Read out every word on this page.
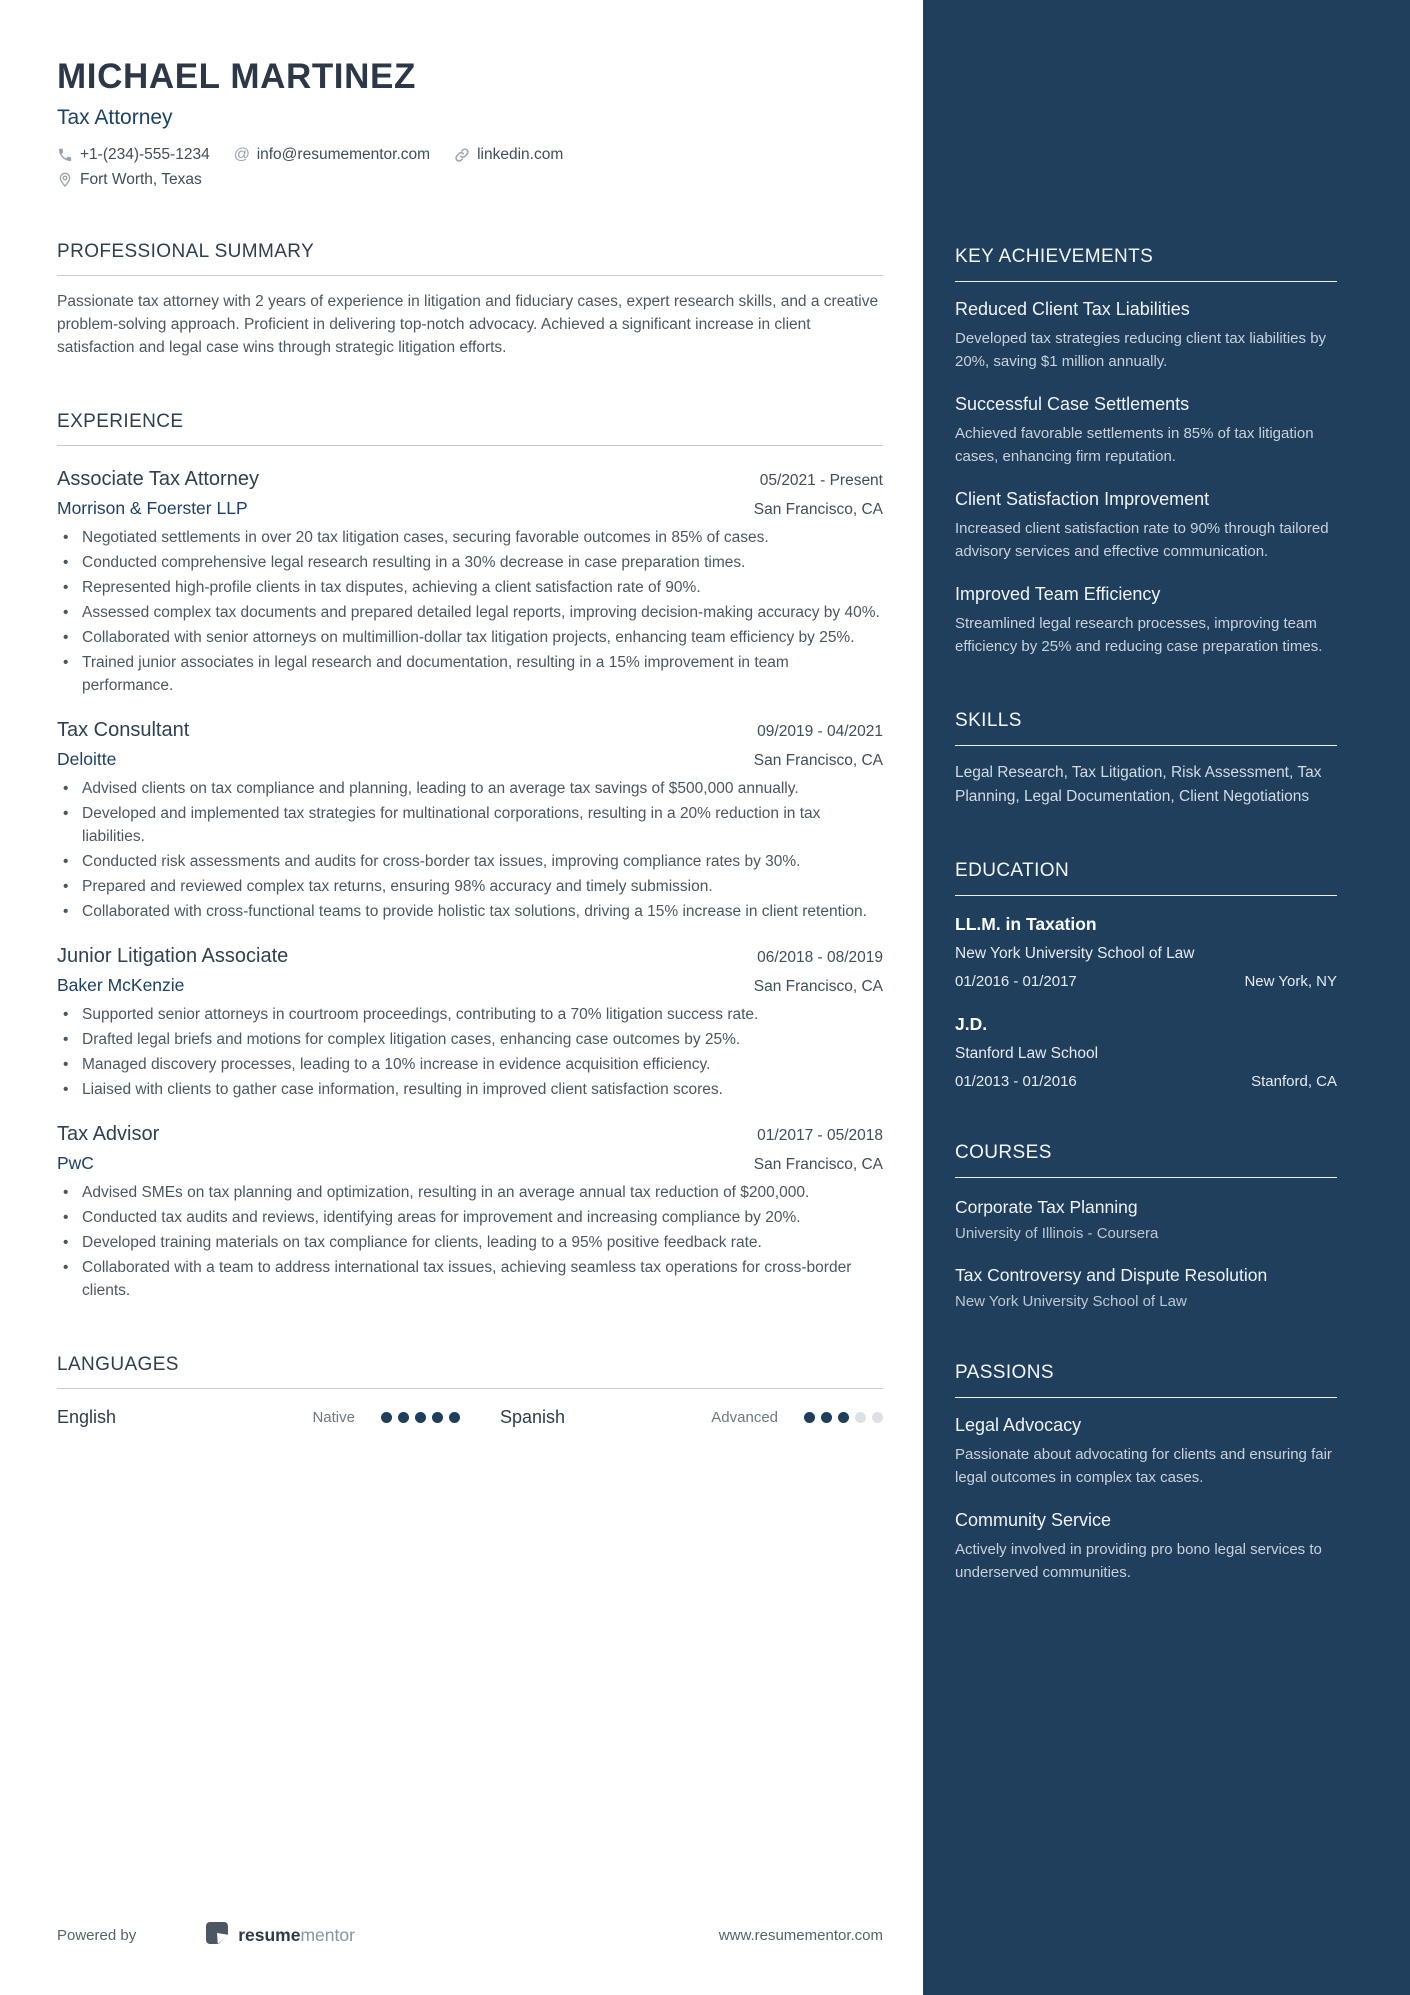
MICHAEL MARTINEZ
Tax Attorney
+1-(234)-555-1234 @ info@resumementor.com	linkedin.com
Fort Worth, Texas
PROFESSIONAL SUMMARY

Passionate tax attorney with 2 years of experience in litigation and fiduciary cases, expert research skills, and a creative problem-solving approach. Proficient in delivering top-notch advocacy. Achieved a significant increase in client satisfaction and legal case wins through strategic litigation efforts.

EXPERIENCE
Associate Tax Attorney	05/2021 - Present
Morrison & Foerster LLP	San Francisco, CA
• Negotiated settlements in over 20 tax litigation cases, securing favorable outcomes in 85% of cases.
• Conducted comprehensive legal research resulting in a 30% decrease in case preparation times.
• Represented high-profile clients in tax disputes, achieving a client satisfaction rate of 90%.
• Assessed complex tax documents and prepared detailed legal reports, improving decision-making accuracy by 40%.
• Collaborated with senior attorneys on multimillion-dollar tax litigation projects, enhancing team efficiency by 25%.
• Trained junior associates in legal research and documentation, resulting in a 15% improvement in team performance.
Tax Consultant	09/2019 - 04/2021
Deloitte	San Francisco, CA
• Advised clients on tax compliance and planning, leading to an average tax savings of $500,000 annually.
• Developed and implemented tax strategies for multinational corporations, resulting in a 20% reduction in tax liabilities.
• Conducted risk assessments and audits for cross-border tax issues, improving compliance rates by 30%.
• Prepared and reviewed complex tax returns, ensuring 98% accuracy and timely submission.
• Collaborated with cross-functional teams to provide holistic tax solutions, driving a 15% increase in client retention.
Junior Litigation Associate	06/2018 - 08/2019
Baker McKenzie	San Francisco, CA
• Supported senior attorneys in courtroom proceedings, contributing to a 70% litigation success rate.
• Drafted legal briefs and motions for complex litigation cases, enhancing case outcomes by 25%.
• Managed discovery processes, leading to a 10% increase in evidence acquisition efficiency.
• Liaised with clients to gather case information, resulting in improved client satisfaction scores.
Tax Advisor	01/2017 - 05/2018
PwC	San Francisco, CA
• Advised SMEs on tax planning and optimization, resulting in an average annual tax reduction of $200,000.
• Conducted tax audits and reviews, identifying areas for improvement and increasing compliance by 20%.
• Developed training materials on tax compliance for clients, leading to a 95% positive feedback rate.
• Collaborated with a team to address international tax issues, achieving seamless tax operations for cross-border clients.
LANGUAGES
English	Native	Spanish	Advanced
Powered by	resumementor	www.resumementor.com
KEY ACHIEVEMENTS
Reduced Client Tax Liabilities
Developed tax strategies reducing client tax liabilities by 20%, saving $1 million annually.
Successful Case Settlements
Achieved favorable settlements in 85% of tax litigation cases, enhancing firm reputation.
Client Satisfaction Improvement
Increased client satisfaction rate to 90% through tailored advisory services and effective communication.
Improved Team Efficiency
Streamlined legal research processes, improving team efficiency by 25% and reducing case preparation times.
SKILLS

Legal Research, Tax Litigation, Risk Assessment, Tax Planning, Legal Documentation, Client Negotiations

EDUCATION
LL.M. in Taxation
New York University School of Law
01/2016 - 01/2017	New York, NY
J.D.
Stanford Law School
01/2013 - 01/2016	Stanford, CA
COURSES
Corporate Tax Planning
University of Illinois - Coursera
Tax Controversy and Dispute Resolution
New York University School of Law
PASSIONS
Legal Advocacy
Passionate about advocating for clients and ensuring fair legal outcomes in complex tax cases.
Community Service
Actively involved in providing pro bono legal services to underserved communities.
